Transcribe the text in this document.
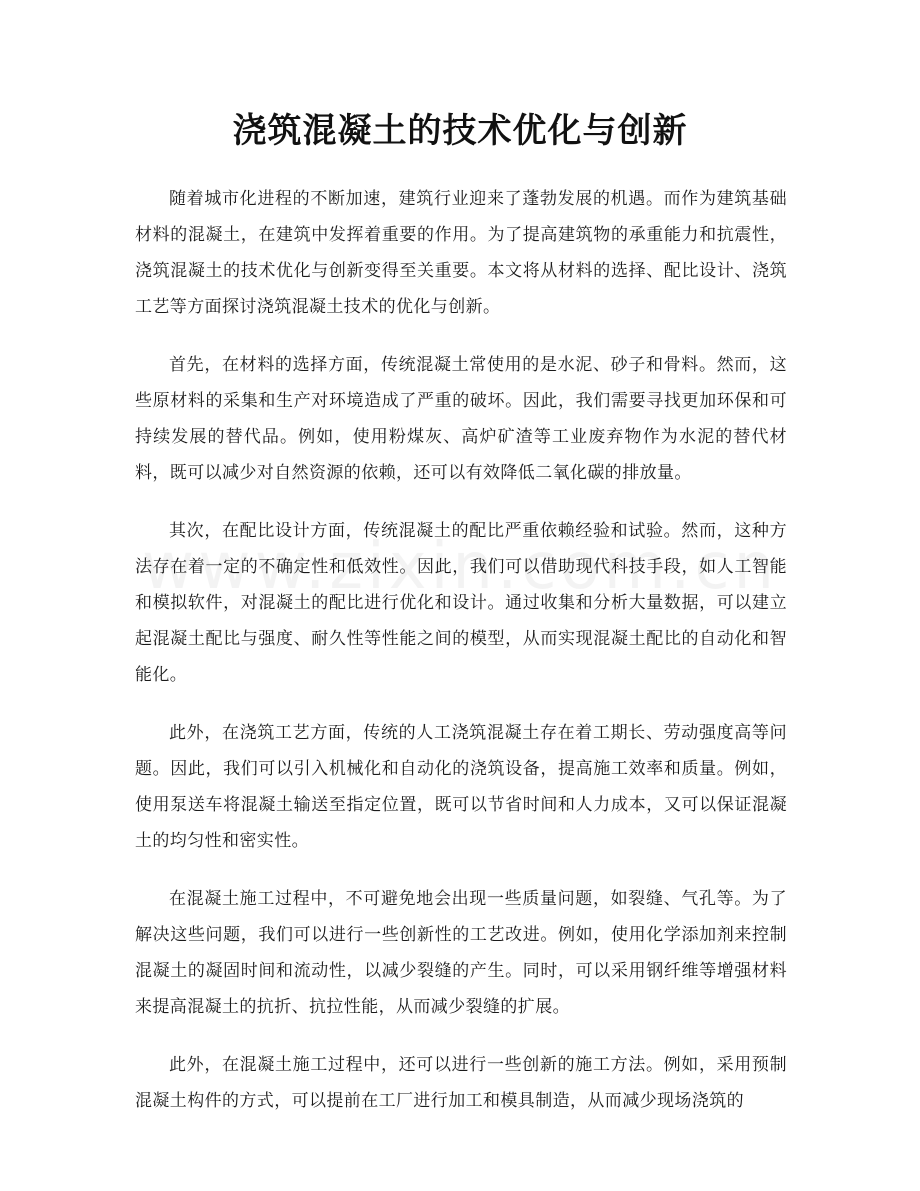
浇筑混凝土的技术优化与创新

随着城市化进程的不断加速，建筑行业迎来了蓬勃发展的机遇。而作为建筑基础材料的混凝土，在建筑中发挥着重要的作用。为了提高建筑物的承重能力和抗震性，浇筑混凝土的技术优化与创新变得至关重要。本文将从材料的选择、配比设计、浇筑工艺等方面探讨浇筑混凝土技术的优化与创新。

首先，在材料的选择方面，传统混凝土常使用的是水泥、砂子和骨料。然而，这些原材料的采集和生产对环境造成了严重的破坏。因此，我们需要寻找更加环保和可持续发展的替代品。例如，使用粉煤灰、高炉矿渣等工业废弃物作为水泥的替代材料，既可以减少对自然资源的依赖，还可以有效降低二氧化碳的排放量。

其次，在配比设计方面，传统混凝土的配比严重依赖经验和试验。然而，这种方法存在着一定的不确定性和低效性。因此，我们可以借助现代科技手段，如人工智能和模拟软件，对混凝土的配比进行优化和设计。通过收集和分析大量数据，可以建立起混凝土配比与强度、耐久性等性能之间的模型，从而实现混凝土配比的自动化和智能化。

此外，在浇筑工艺方面，传统的人工浇筑混凝土存在着工期长、劳动强度高等问题。因此，我们可以引入机械化和自动化的浇筑设备，提高施工效率和质量。例如，使用泵送车将混凝土输送至指定位置，既可以节省时间和人力成本，又可以保证混凝土的均匀性和密实性。

在混凝土施工过程中，不可避免地会出现一些质量问题，如裂缝、气孔等。为了解决这些问题，我们可以进行一些创新性的工艺改进。例如，使用化学添加剂来控制混凝土的凝固时间和流动性，以减少裂缝的产生。同时，可以采用钢纤维等增强材料来提高混凝土的抗折、抗拉性能，从而减少裂缝的扩展。

此外，在混凝土施工过程中，还可以进行一些创新的施工方法。例如，采用预制混凝土构件的方式，可以提前在工厂进行加工和模具制造，从而减少现场浇筑的
